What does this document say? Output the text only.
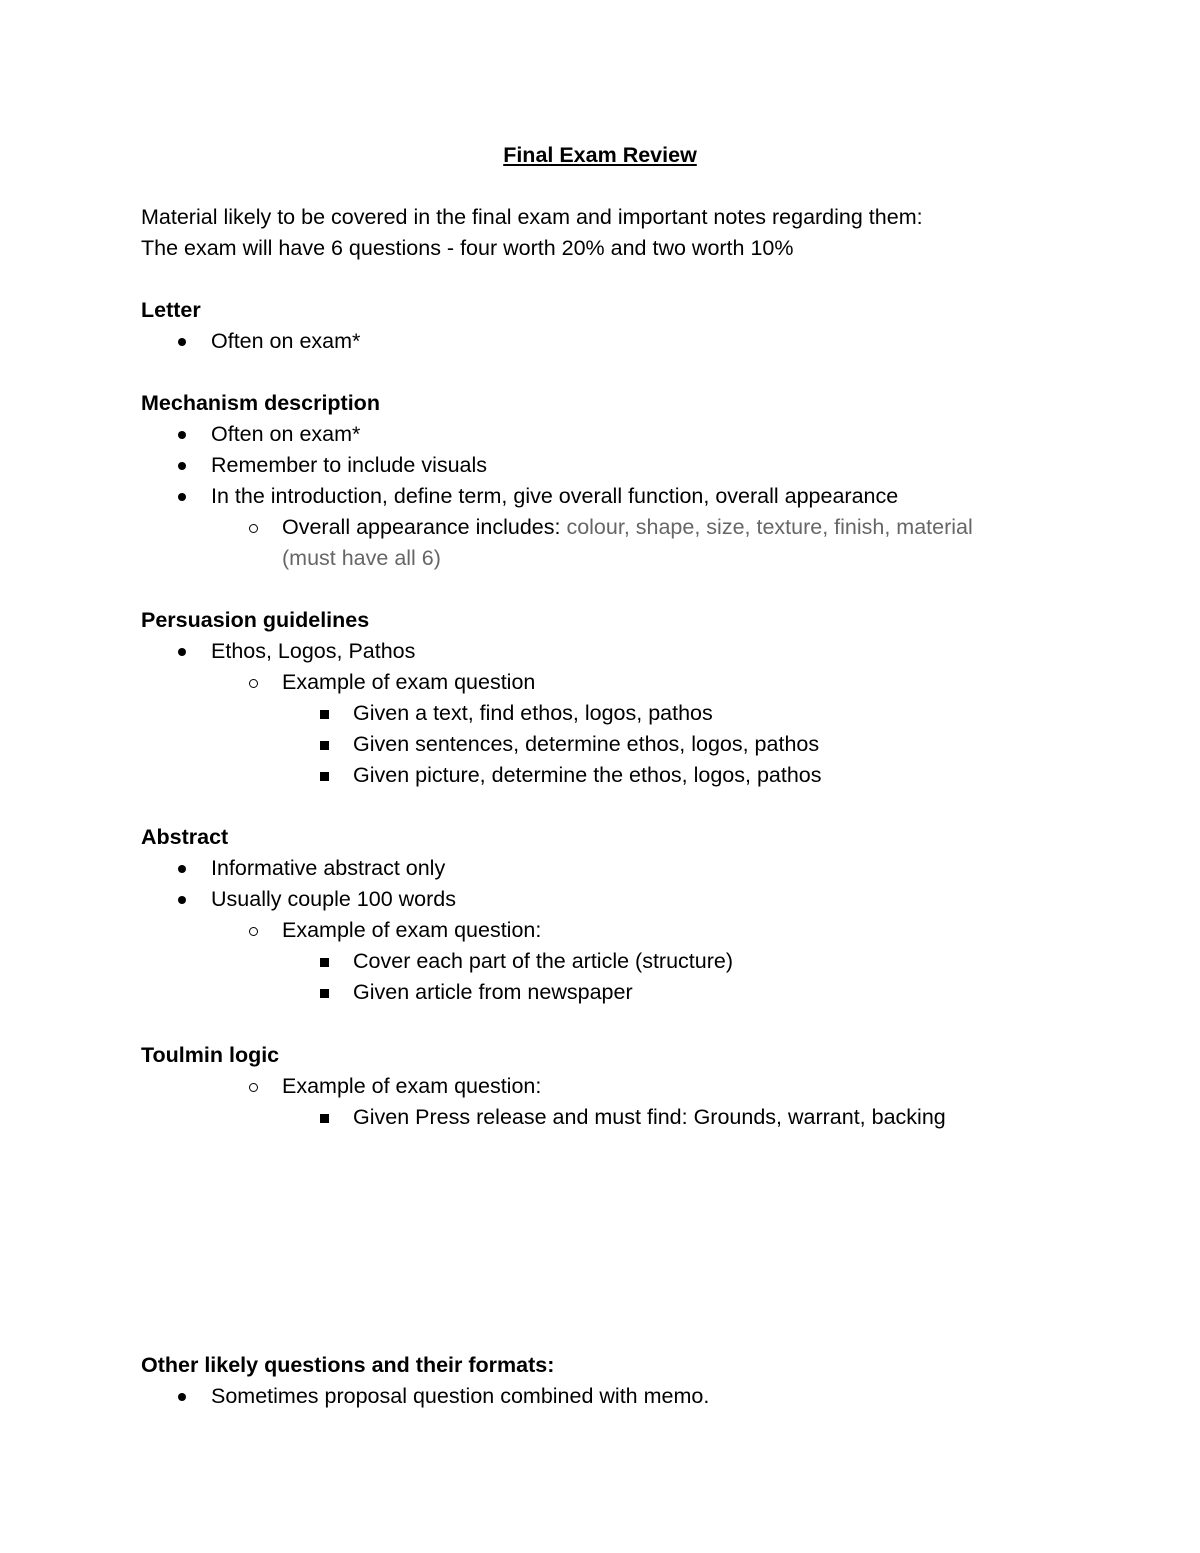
Final Exam Review
Material likely to be covered in the final exam and important notes regarding them:
The exam will have 6 questions - four worth 20% and two worth 10%
Letter
Often on exam*
Mechanism description
Often on exam*
Remember to include visuals
In the introduction, define term, give overall function, overall appearance
Overall appearance includes: colour, shape, size, texture, finish, material
(must have all 6)
Persuasion guidelines
Ethos, Logos, Pathos
Example of exam question
Given a text, find ethos, logos, pathos
Given sentences, determine ethos, logos, pathos
Given picture, determine the ethos, logos, pathos
Abstract
Informative abstract only
Usually couple 100 words
Example of exam question:
Cover each part of the article (structure)
Given article from newspaper
Toulmin logic
Example of exam question:
Given Press release and must find: Grounds, warrant, backing
Other likely questions and their formats:
Sometimes proposal question combined with memo.
